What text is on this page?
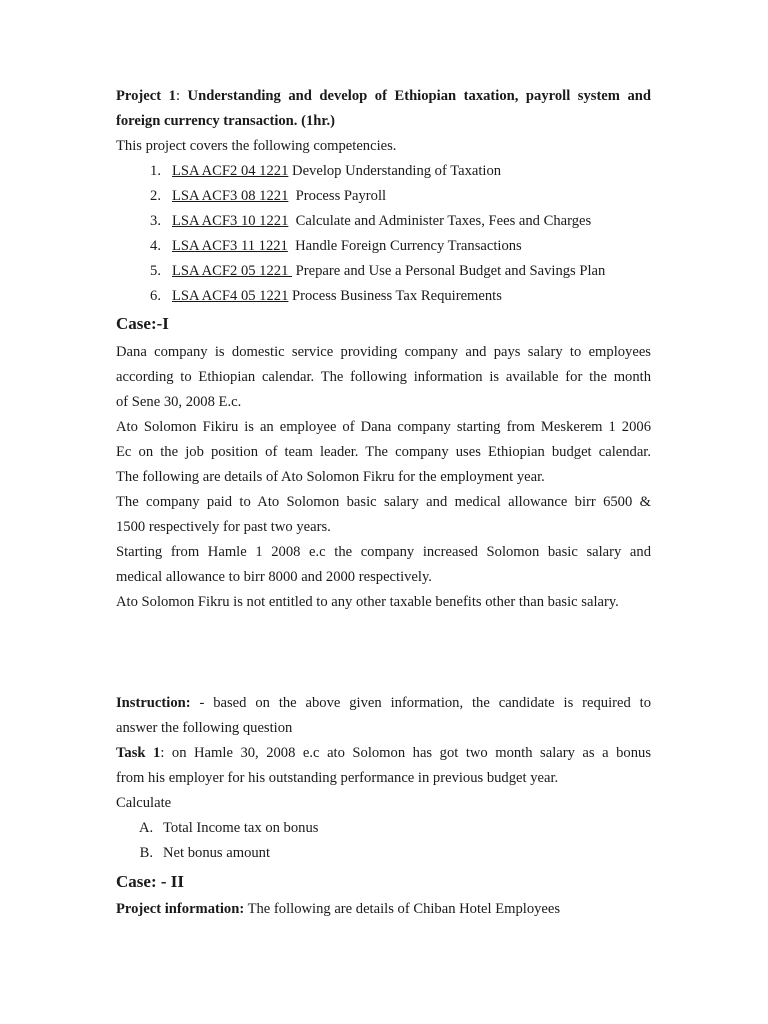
Project 1: Understanding and develop of Ethiopian taxation, payroll system and
foreign currency transaction. (1hr.)
This project covers the following competencies.
1. LSA ACF2 04 1221 Develop Understanding of Taxation
2. LSA ACF3 08 1221  Process Payroll
3. LSA ACF3 10 1221  Calculate and Administer Taxes, Fees and Charges
4. LSA ACF3 11 1221  Handle Foreign Currency Transactions
5. LSA ACF2 05 1221  Prepare and Use a Personal Budget and Savings Plan
6. LSA ACF4 05 1221 Process Business Tax Requirements
Case:-I
Dana company is domestic service providing company and pays salary to employees
according to Ethiopian calendar. The following information is available for the month
of Sene 30, 2008 E.c.
Ato Solomon Fikiru is an employee of Dana company starting from Meskerem 1 2006
Ec on the job position of team leader. The company uses Ethiopian budget calendar.
The following are details of Ato Solomon Fikru for the employment year.
The company paid to Ato Solomon basic salary and medical allowance birr 6500 &
1500 respectively for past two years.
Starting from Hamle 1 2008 e.c the company increased Solomon basic salary and
medical allowance to birr 8000 and 2000 respectively.
Ato Solomon Fikru is not entitled to any other taxable benefits other than basic salary.
Instruction: - based on the above given information, the candidate is required to
answer the following question
Task 1: on Hamle 30, 2008 e.c ato Solomon has got two month salary as a bonus
from his employer for his outstanding performance in previous budget year.
Calculate
A. Total Income tax on bonus
B. Net bonus amount
Case: - II
Project information: The following are details of Chiban Hotel Employees
